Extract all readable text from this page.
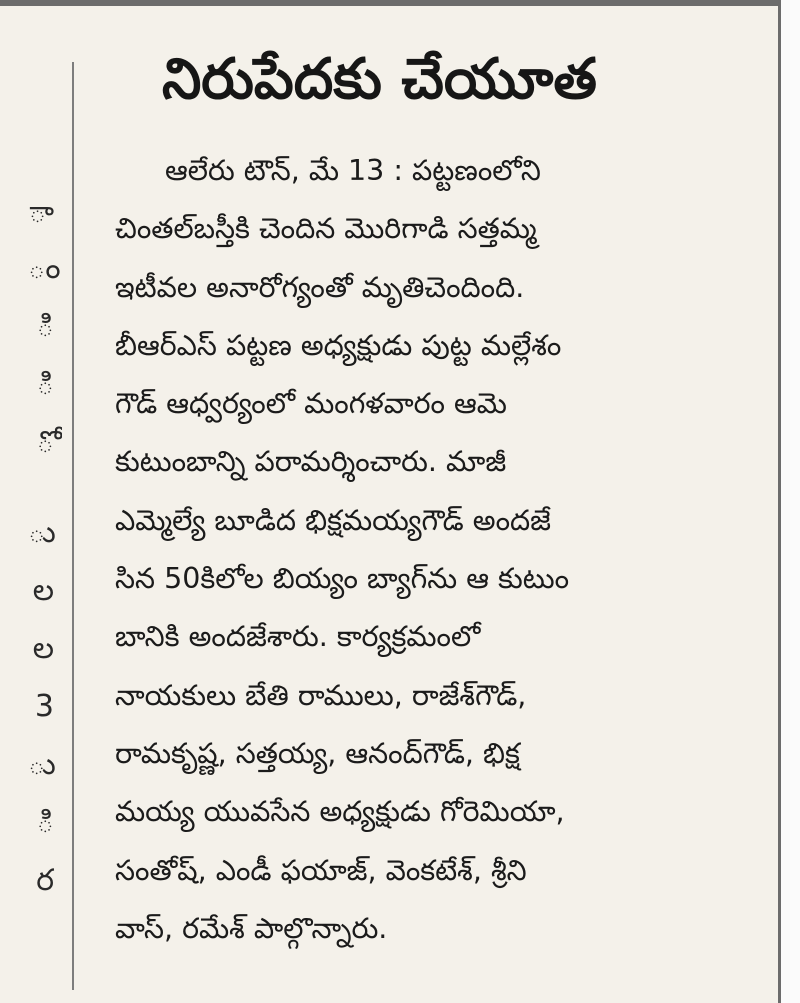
ా
ం
ి
ి
ో
ు
ల
ల
3
ు
ి
ర
నిరుపేదకు చేయూత
ఆలేరు టౌన్‌, మే 13 : పట్టణంలోని
చింతల్‌బస్తీకి చెందిన మొరిగాడి సత్తమ్మ
ఇటీవల అనారోగ్యంతో మృతిచెందింది.
బీఆర్‌ఎస్‌ పట్టణ అధ్యక్షుడు పుట్ట మల్లేశం
గౌడ్‌ ఆధ్వర్యంలో మంగళవారం ఆమె
కుటుంబాన్ని పరామర్శించారు. మాజీ
ఎమ్మెల్యే బూడిద భిక్షమయ్యగౌడ్‌ అందజే
సిన 50కిలోల బియ్యం బ్యాగ్‌ను ఆ కుటుం
బానికి అందజేశారు. కార్యక్రమంలో
నాయకులు బేతి రాములు, రాజేశ్‌గౌడ్‌,
రామకృష్ణ, సత్తయ్య, ఆనంద్‌గౌడ్‌, భిక్ష
మయ్య యువసేన అధ్యక్షుడు గోరెమియా,
సంతోష్‌, ఎండీ ఫయాజ్‌, వెంకటేశ్‌, శ్రీని
వాస్‌, రమేశ్‌ పాల్గొన్నారు.
